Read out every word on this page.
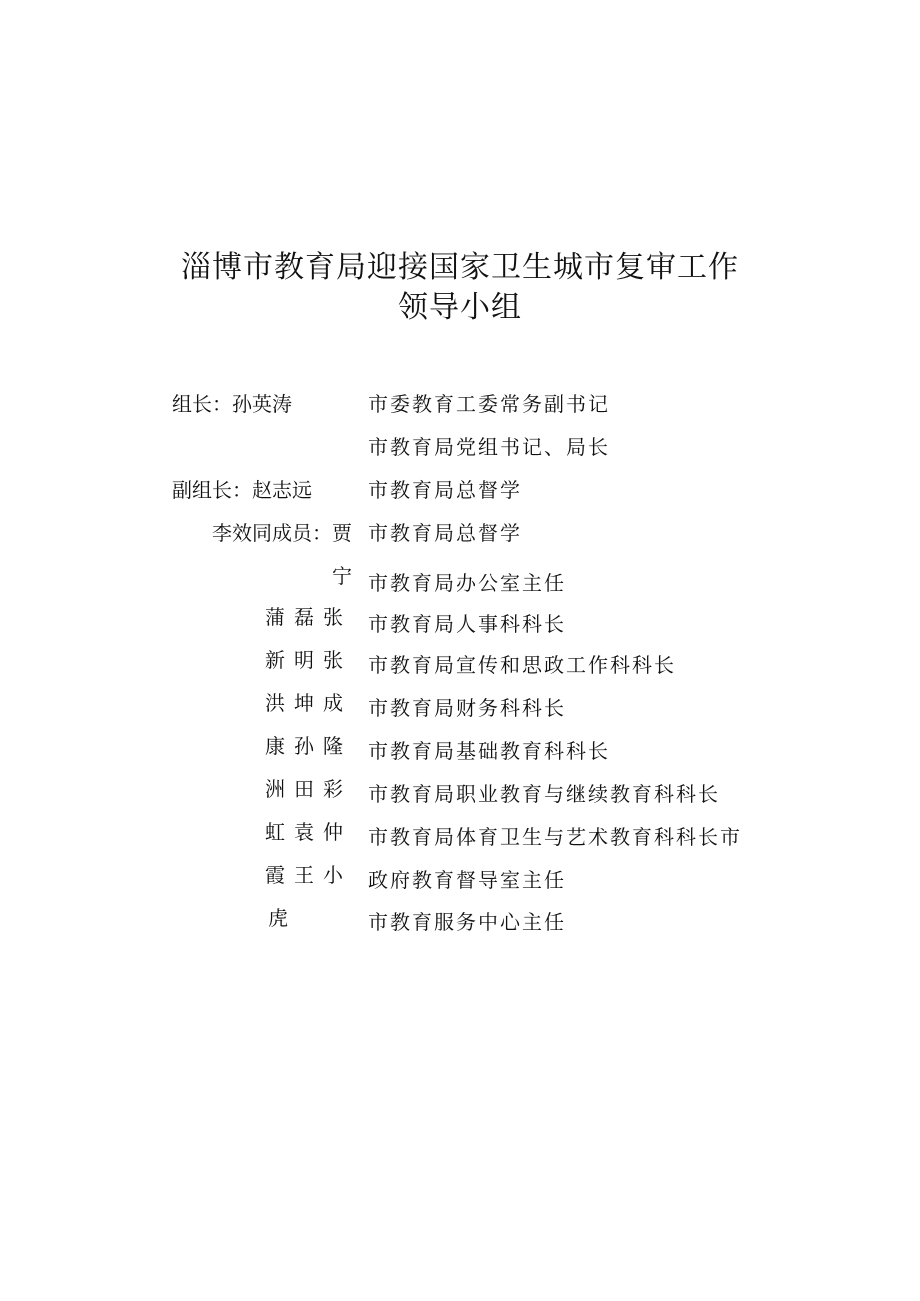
淄博市教育局迎接国家卫生城市复审工作
领导小组
组长：孙英涛	市委教育工委常务副书记
市教育局党组书记、局长
副组长：赵志远	市教育局总督学
李效同成员：贾 市教育局总督学
宁 市教育局办公室主任
蒲磊张 市教育局人事科科长
新明张 市教育局宣传和思政工作科科长
洪坤成 市教育局财务科科长
康孙隆 市教育局基础教育科科长
洲田彩 市教育局职业教育与继续教育科科长
虹袁仲 市教育局体育卫生与艺术教育科科长市
霞王小 政府教育督导室主任
虎	市教育服务中心主任
